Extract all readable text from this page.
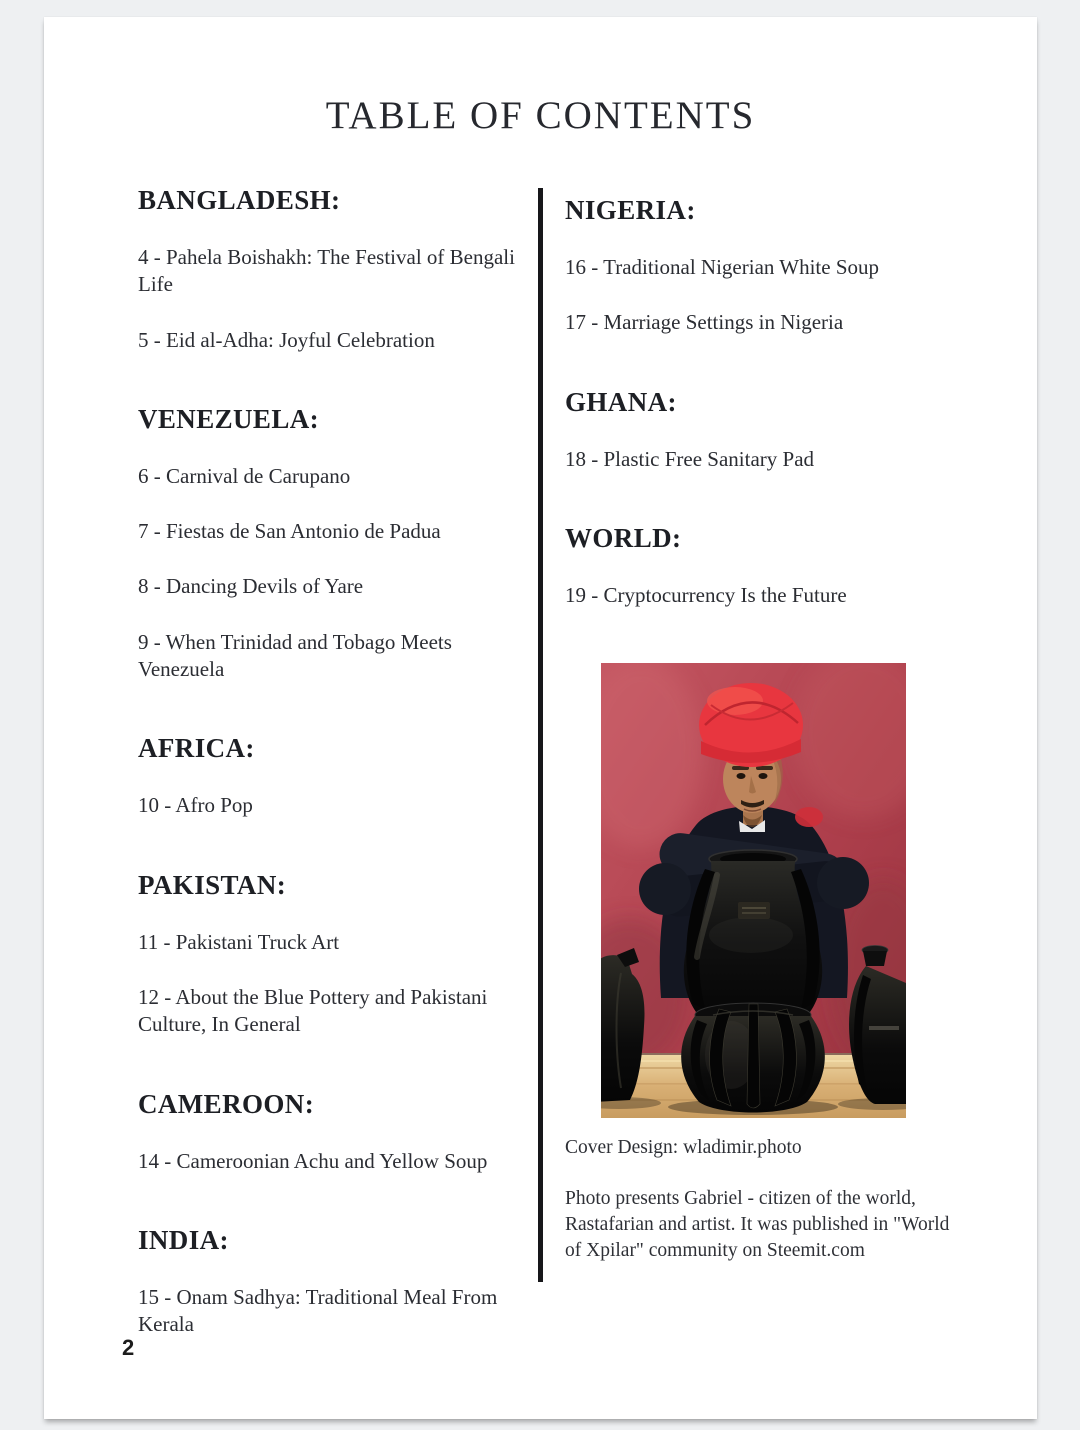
TABLE OF CONTENTS
BANGLADESH:

4 - Pahela Boishakh: The Festival of Bengali Life

5 - Eid al-Adha: Joyful Celebration

VENEZUELA:

6 - Carnival de Carupano

7 - Fiestas de San Antonio de Padua

8 - Dancing Devils of Yare

9 - When Trinidad and Tobago Meets Venezuela

AFRICA:

10 - Afro Pop

PAKISTAN:

11 - Pakistani Truck Art

12 - About the Blue Pottery and Pakistani Culture, In General

CAMEROON:

14 - Cameroonian Achu and Yellow Soup

INDIA:

15 - Onam Sadhya: Traditional Meal From Kerala

NIGERIA:

16 - Traditional Nigerian White Soup

17 - Marriage Settings in Nigeria

GHANA:

18 - Plastic Free Sanitary Pad

WORLD:

19 - Cryptocurrency Is the Future

Cover Design: wladimir.photo

Photo presents Gabriel - citizen of the world, Rastafarian and artist. It was published in "World of Xpilar" community on Steemit.com

2
